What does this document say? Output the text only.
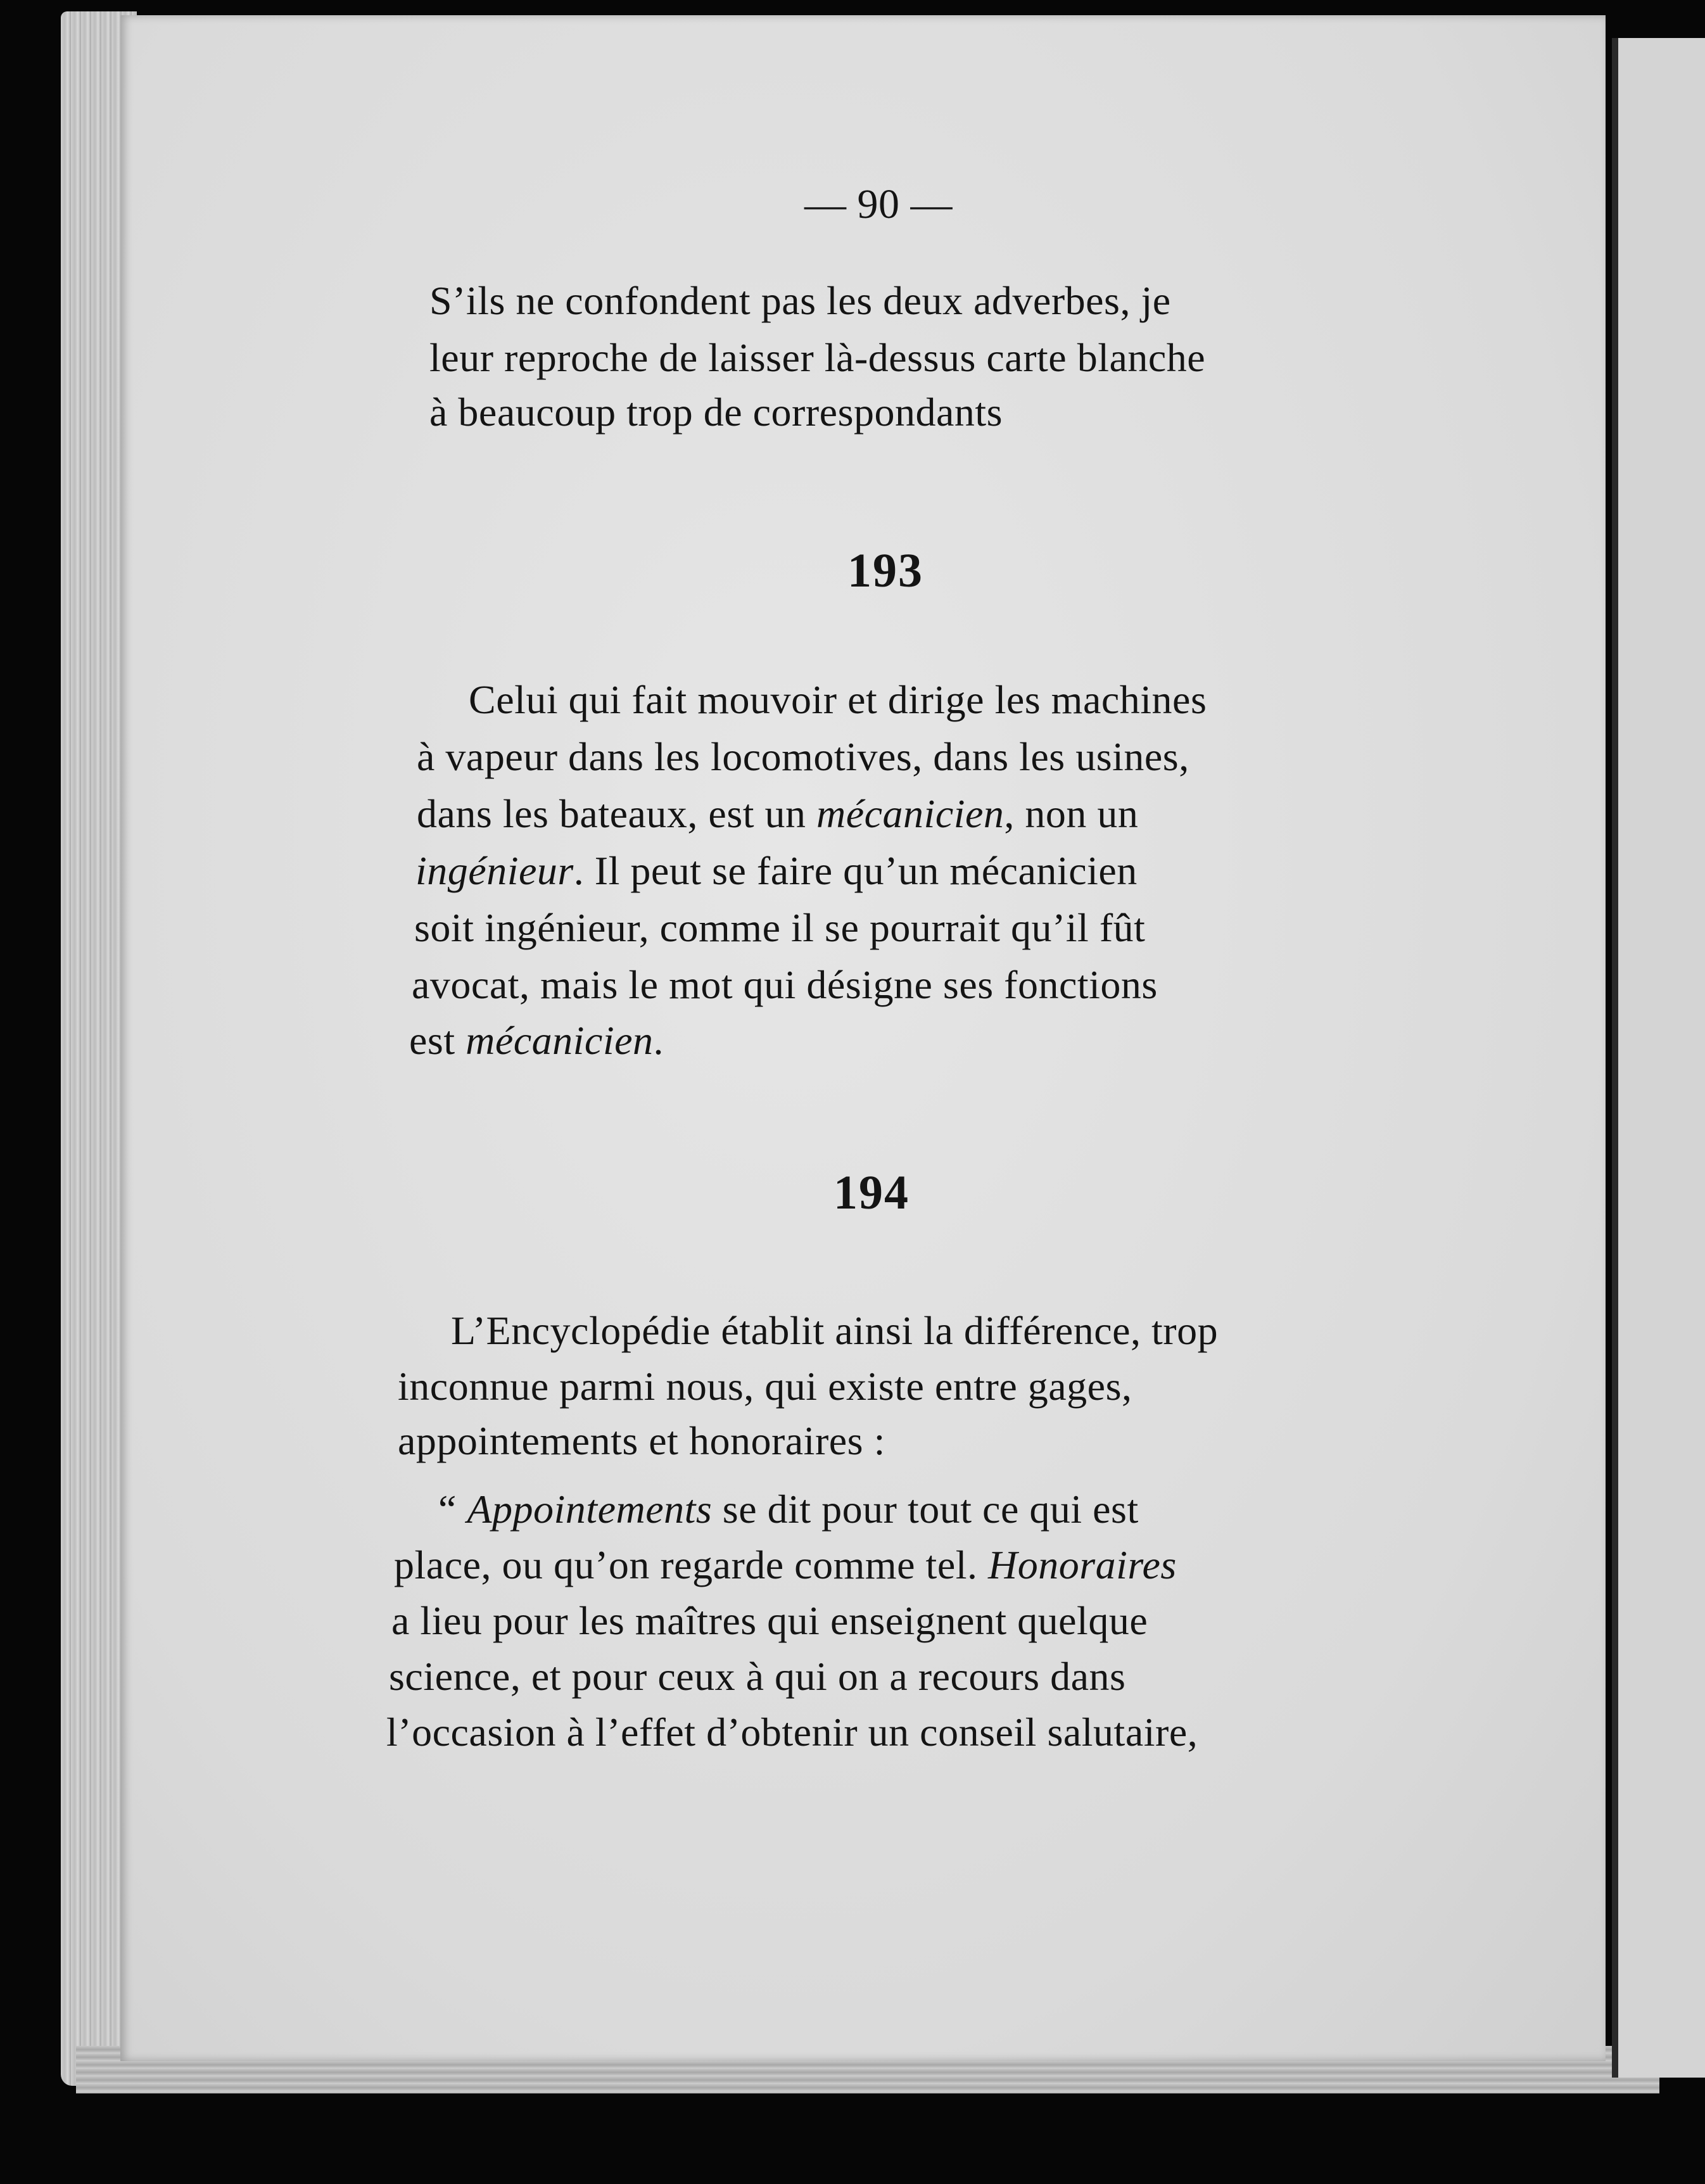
— 90 —
S’ils ne confondent pas les deux adverbes, je
leur reproche de laisser là-dessus carte blanche
à beaucoup trop de correspondants
193
Celui qui fait mouvoir et dirige les machines
à vapeur dans les locomotives, dans les usines,
dans les bateaux, est un mécanicien, non un
ingénieur. Il peut se faire qu’un mécanicien
soit ingénieur, comme il se pourrait qu’il fût
avocat, mais le mot qui désigne ses fonctions
est mécanicien.
194
L’Encyclopédie établit ainsi la différence, trop
inconnue parmi nous, qui existe entre gages,
appointements et honoraires :
“ Appointements se dit pour tout ce qui est
place, ou qu’on regarde comme tel. Honoraires
a lieu pour les maîtres qui enseignent quelque
science, et pour ceux à qui on a recours dans
l’occasion à l’effet d’obtenir un conseil salutaire,
